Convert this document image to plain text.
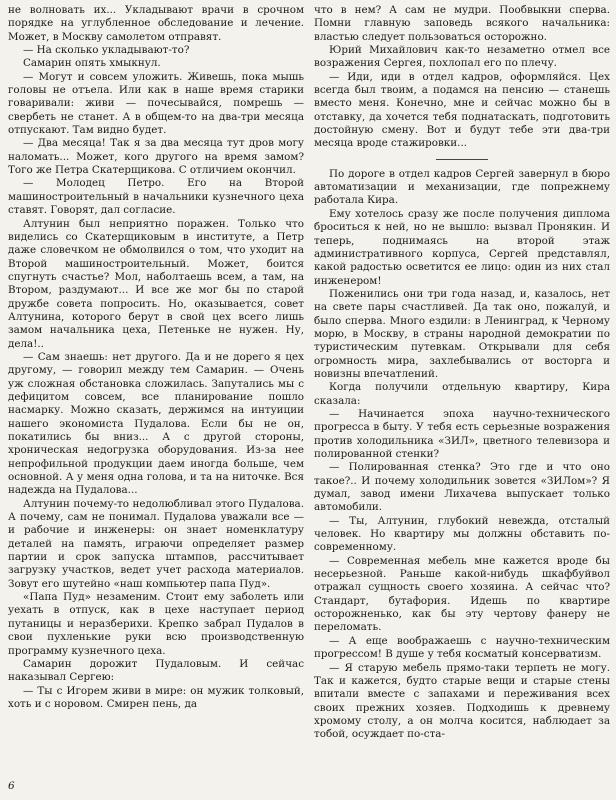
не волновать их... Укладывают врачи в срочном порядке на углубленное обследование и лечение. Может, в Москву самолетом отправят.

— На сколько укладывают-то?

Самарин опять хмыкнул.

— Могут и совсем уложить. Живешь, пока мышь головы не отъела. Или как в наше время старики говаривали: живи — почесывайся, помрешь — свербеть не станет. А в общем-то на два-три месяца отпускают. Там видно будет.

— Два месяца! Так я за два месяца тут дров могу наломать... Может, кого другого на время замом? Того же Петра Скатерщикова. С отличием окончил.

— Молодец Петро. Его на Второй машиностроительный в начальники кузнечного цеха ставят. Говорят, дал согласие.

Алтунин был неприятно поражен. Только что виделись со Скатерщиковым в институте, а Петр даже словечком не обмолвился о том, что уходит на Второй машиностроительный. Может, боится спугнуть счастье? Мол, наболтаешь всем, а там, на Втором, раздумают... И все же мог бы по старой дружбе совета попросить. Но, оказывается, совет Алтунина, которого берут в свой цех всего лишь замом начальника цеха, Петеньке не нужен. Ну, дела!..

— Сам знаешь: нет другого. Да и не дорего я цех другому, — говорил между тем Самарин. — Очень уж сложная обстановка сложилась. Запутались мы с дефицитом совсем, все планирование пошло насмарку. Можно сказать, держимся на интуиции нашего экономиста Пудалова. Если бы не он, покатились бы вниз... А с другой стороны, хроническая недогрузка оборудования. Из-за нее непрофильной продукции даем иногда больше, чем основной. А у меня одна голова, и та на ниточке. Вся надежда на Пудалова...

Алтунин почему-то недолюбливал этого Пудалова. А почему, сам не понимал. Пудалова уважали все — и рабочие и инженеры: он знает номенклатуру деталей на память, играючи определяет размер партии и срок запуска штампов, рассчитывает загрузку участков, ведет учет расхода материалов. Зовут его шутейно «наш компьютер папа Пуд».

«Папа Пуд» незаменим. Стоит ему заболеть или уехать в отпуск, как в цехе наступает период путаницы и неразберихи. Крепко забрал Пудалов в свои пухленькие руки всю производственную программу кузнечного цеха.

Самарин дорожит Пудаловым. И сейчас наказывал Сергею:

— Ты с Игорем живи в мире: он мужик толковый, хоть и с норовом. Смирен пень, да

что в нем? А сам не мудри. Пообвыкни сперва. Помни главную заповедь всякого начальника: властью следует пользоваться осторожно.

Юрий Михайлович как-то незаметно отмел все возражения Сергея, похлопал его по плечу.

— Иди, иди в отдел кадров, оформляйся. Цех всегда был твоим, а подамся на пенсию — станешь вместо меня. Конечно, мне и сейчас можно бы в отставку, да хочется тебя поднатаскать, подготовить достойную смену. Вот и будут тебе эти два-три месяца вроде стажировки...

По дороге в отдел кадров Сергей завернул в бюро автоматизации и механизации, где попрежнему работала Кира.

Ему хотелось сразу же после получения диплома броситься к ней, но не вышло: вызвал Пронякин. И теперь, поднимаясь на второй этаж административного корпуса, Сергей представлял, какой радостью осветится ее лицо: один из них стал инженером!

Поженились они три года назад, и, казалось, нет на свете пары счастливей. Да так оно, пожалуй, и было сперва. Много ездили: в Ленинград, к Черному морю, в Москву, в страны народной демократии по туристическим путевкам. Открывали для себя огромность мира, захлебывались от восторга и новизны впечатлений.

Когда получили отдельную квартиру, Кира сказала:

— Начинается эпоха научно-технического прогресса в быту. У тебя есть серьезные возражения против холодильника «ЗИЛ», цветного телевизора и полированной стенки?

— Полированная стенка? Это где и что оно такое?.. И почему холодильник зовется «ЗИЛом»? Я думал, завод имени Лихачева выпускает только автомобили.

— Ты, Алтунин, глубокий невежда, отсталый человек. Но квартиру мы должны обставить по-современному.

— Современная мебель мне кажется вроде бы несерьезной. Раньше какой-нибудь шкафбуйвол отражал сущность своего хозяина. А сейчас что? Стандарт, бутафория. Идешь по квартире осторожненько, как бы эту чертову фанеру не переломать.

— А еще воображаешь с научно-техническим прогрессом! В душе у тебя косматый консерватизм.

— Я старую мебель прямо-таки терпеть не могу. Так и кажется, будто старые вещи и старые стены впитали вместе с запахами и переживания всех своих прежних хозяев. Подходишь к древнему хромому столу, а он молча косится, наблюдает за тобой, осуждает по-ста-

6
